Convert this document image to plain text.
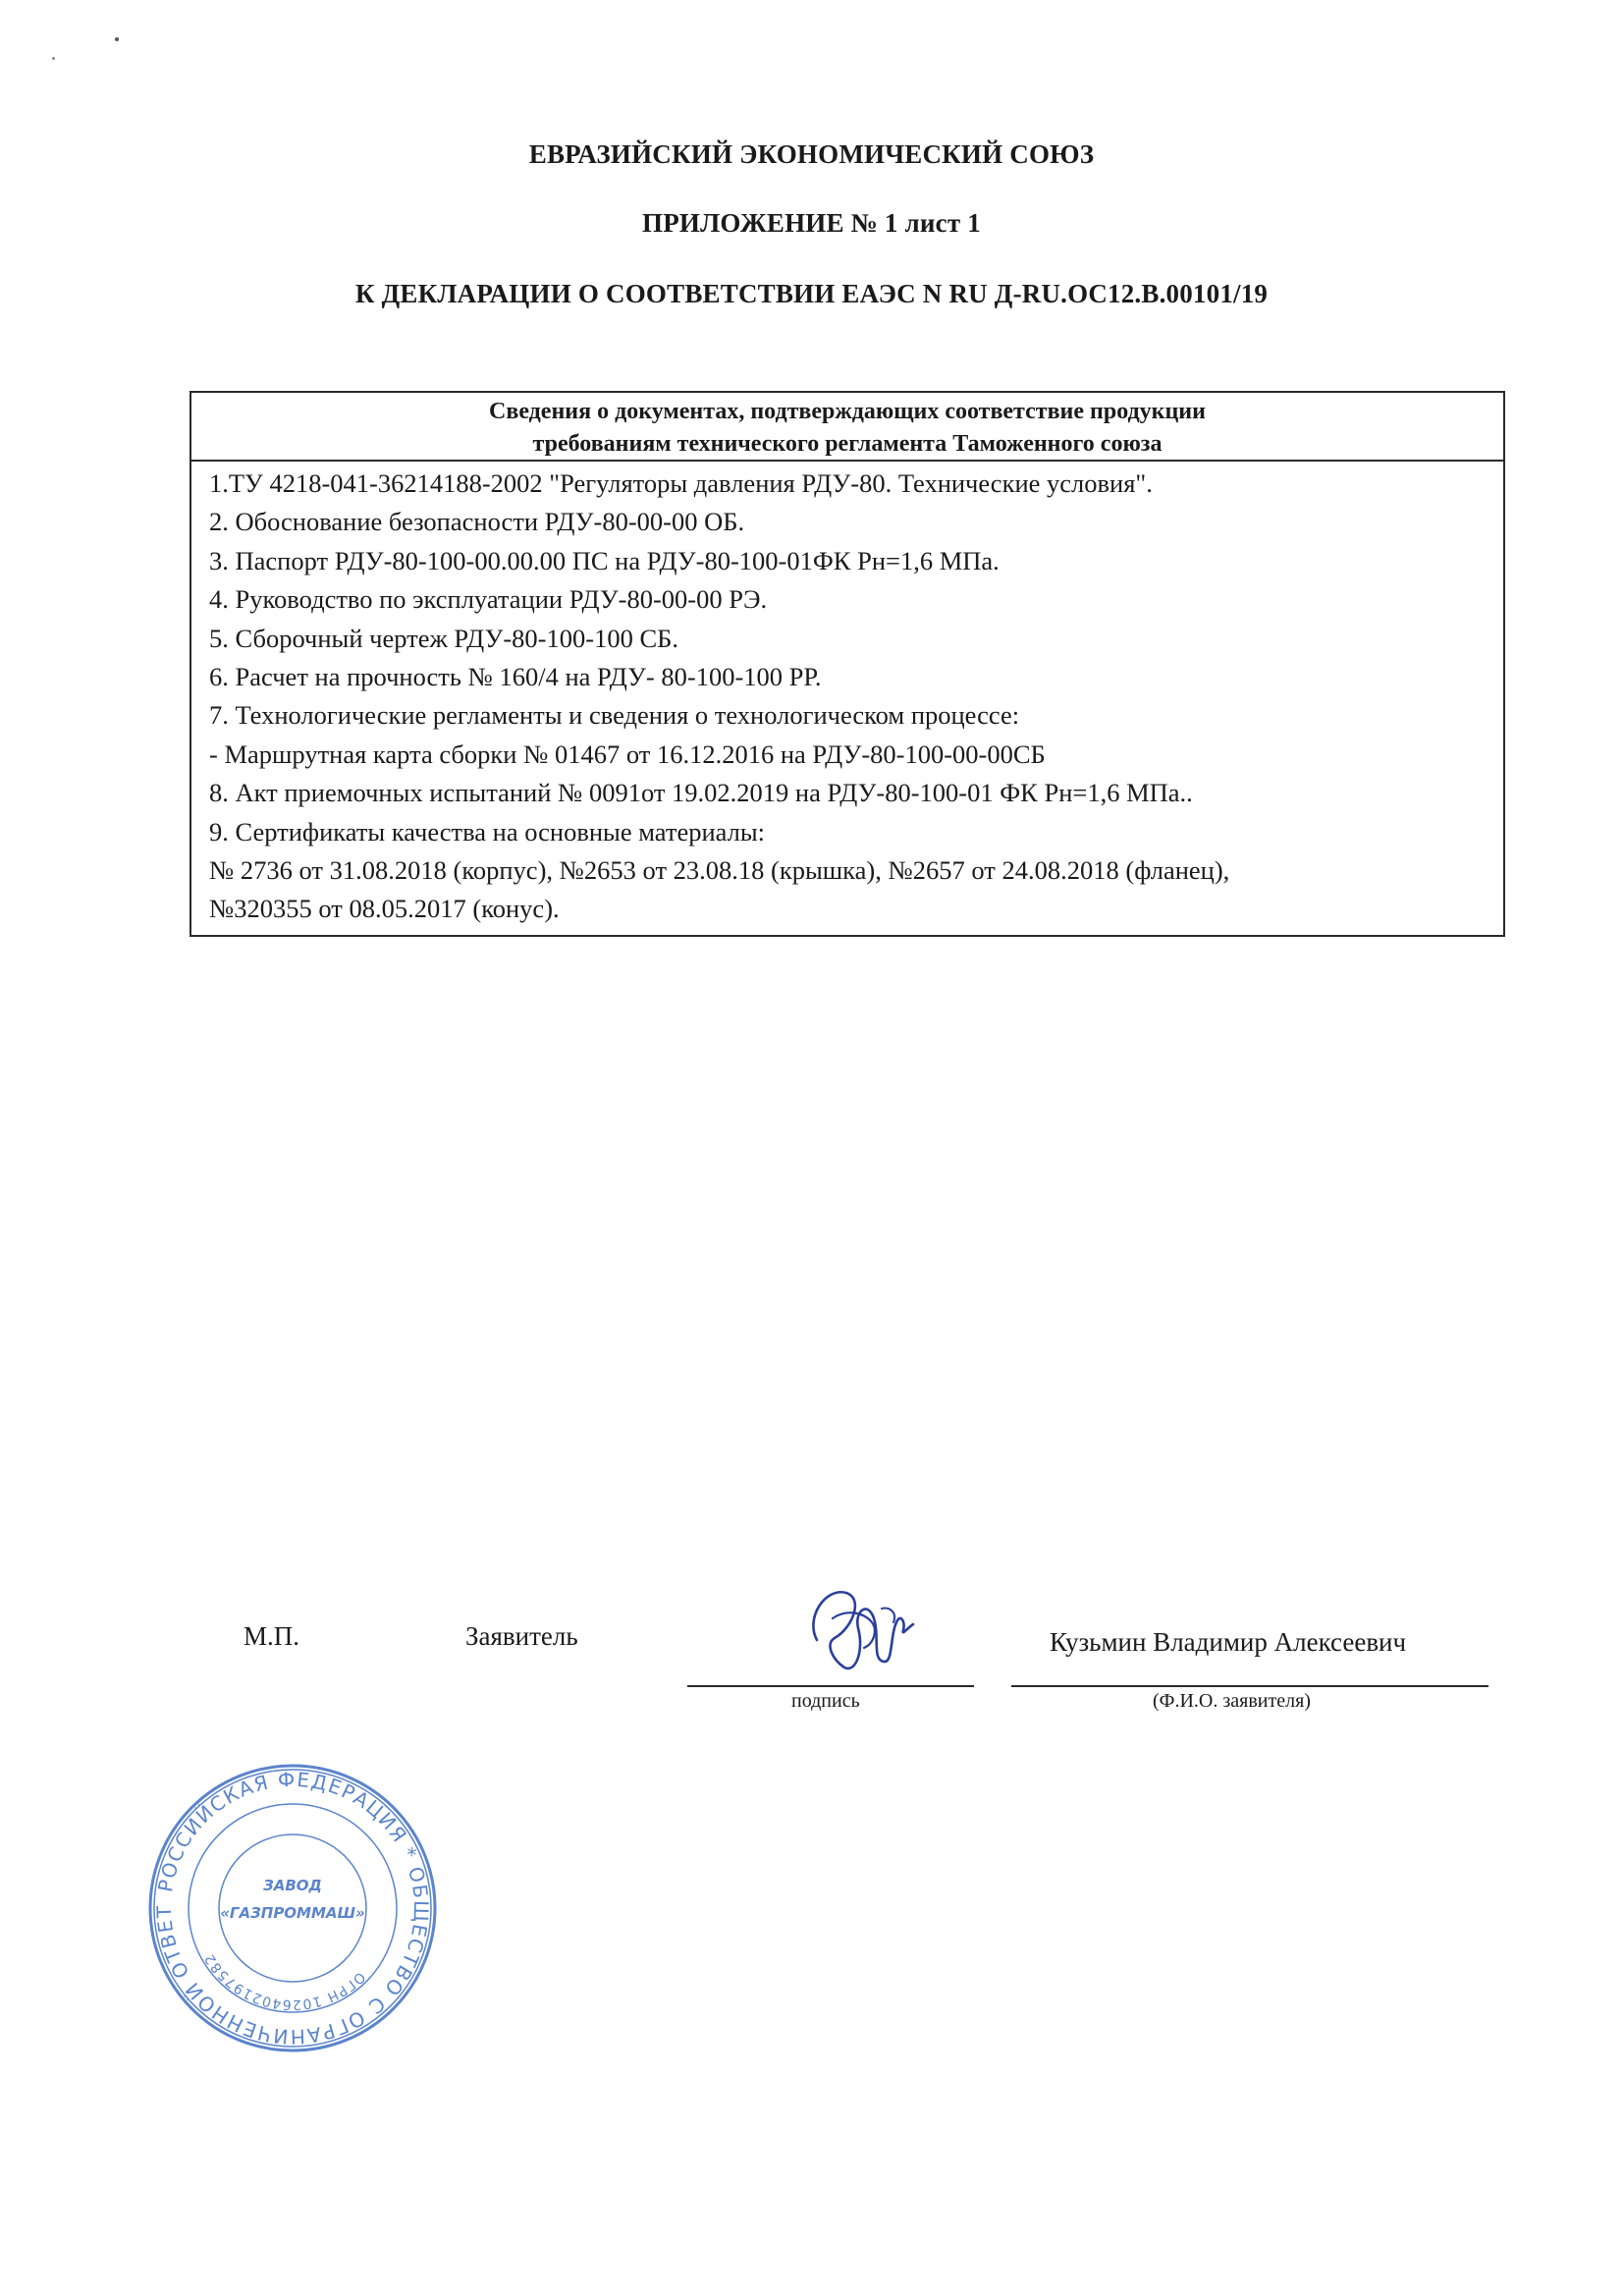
ЕВРАЗИЙСКИЙ ЭКОНОМИЧЕСКИЙ СОЮЗ
ПРИЛОЖЕНИЕ № 1 лист 1
К ДЕКЛАРАЦИИ О СООТВЕТСТВИИ ЕАЭС N RU Д-RU.OC12.B.00101/19
Сведения о документах, подтверждающих соответствие продукции
требованиям технического регламента Таможенного союза
1.ТУ 4218-041-36214188-2002 "Регуляторы давления РДУ-80. Технические условия".
2. Обоснование безопасности РДУ-80-00-00 ОБ.
3. Паспорт РДУ-80-100-00.00.00 ПС на РДУ-80-100-01ФК Рн=1,6 МПа.
4. Руководство по эксплуатации РДУ-80-00-00 РЭ.
5. Сборочный чертеж РДУ-80-100-100 СБ.
6. Расчет на прочность № 160/4 на РДУ- 80-100-100 РР.
7. Технологические регламенты и сведения о технологическом процессе:
- Маршрутная карта сборки № 01467 от 16.12.2016 на РДУ-80-100-00-00СБ
8. Акт приемочных испытаний № 0091от 19.02.2019 на РДУ-80-100-01 ФК Рн=1,6 МПа..
9. Сертификаты качества на основные материалы:
№ 2736 от 31.08.2018 (корпус), №2653 от 23.08.18 (крышка), №2657 от 24.08.2018 (фланец),
№320355 от 08.05.2017 (конус).
РОССИЙСКАЯ ФЕДЕРАЦИЯ * ОБЩЕСТВО С ОГРАНИЧЕННОЙ ОТВЕТ
ОГРН 1026402197582
ЗАВОД
«ГАЗПРОММАШ»
М.П.	Заявитель	Кузьмин Владимир Алексеевич
подпись	(Ф.И.О. заявителя)
